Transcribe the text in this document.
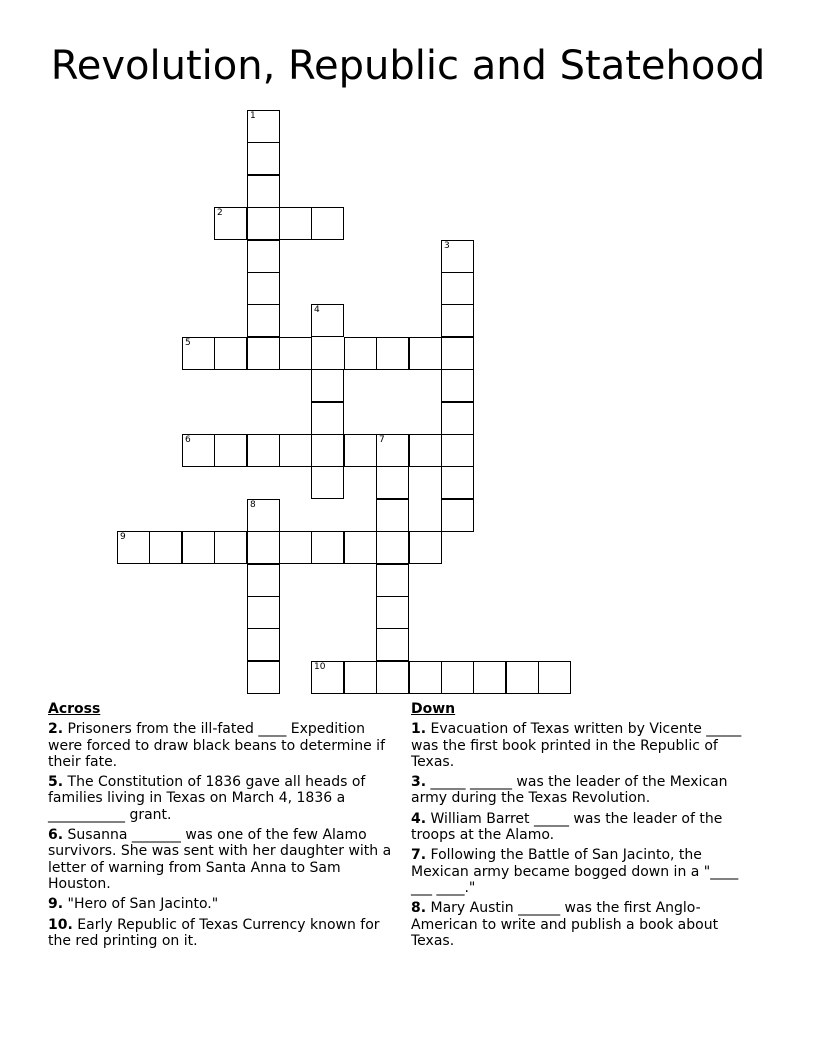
Revolution, Republic and Statehood
1
2
3
4
5
6	7
8
9
10
Across
2. Prisoners from the ill-fated ____ Expedition were forced to draw black beans to determine if their fate.
5. The Constitution of 1836 gave all heads of families living in Texas on March 4, 1836 a ___________ grant.
6. Susanna _______ was one of the few Alamo survivors. She was sent with her daughter with a letter of warning from Santa Anna to Sam Houston.
9. "Hero of San Jacinto."
10. Early Republic of Texas Currency known for the red printing on it.
Down
1. Evacuation of Texas written by Vicente _____ was the first book printed in the Republic of Texas.
3. _____ ______ was the leader of the Mexican army during the Texas Revolution.
4. William Barret _____ was the leader of the troops at the Alamo.
7. Following the Battle of San Jacinto, the Mexican army became bogged down in a "____ ___ ____."
8. Mary Austin ______ was the first Anglo-American to write and publish a book about Texas.
